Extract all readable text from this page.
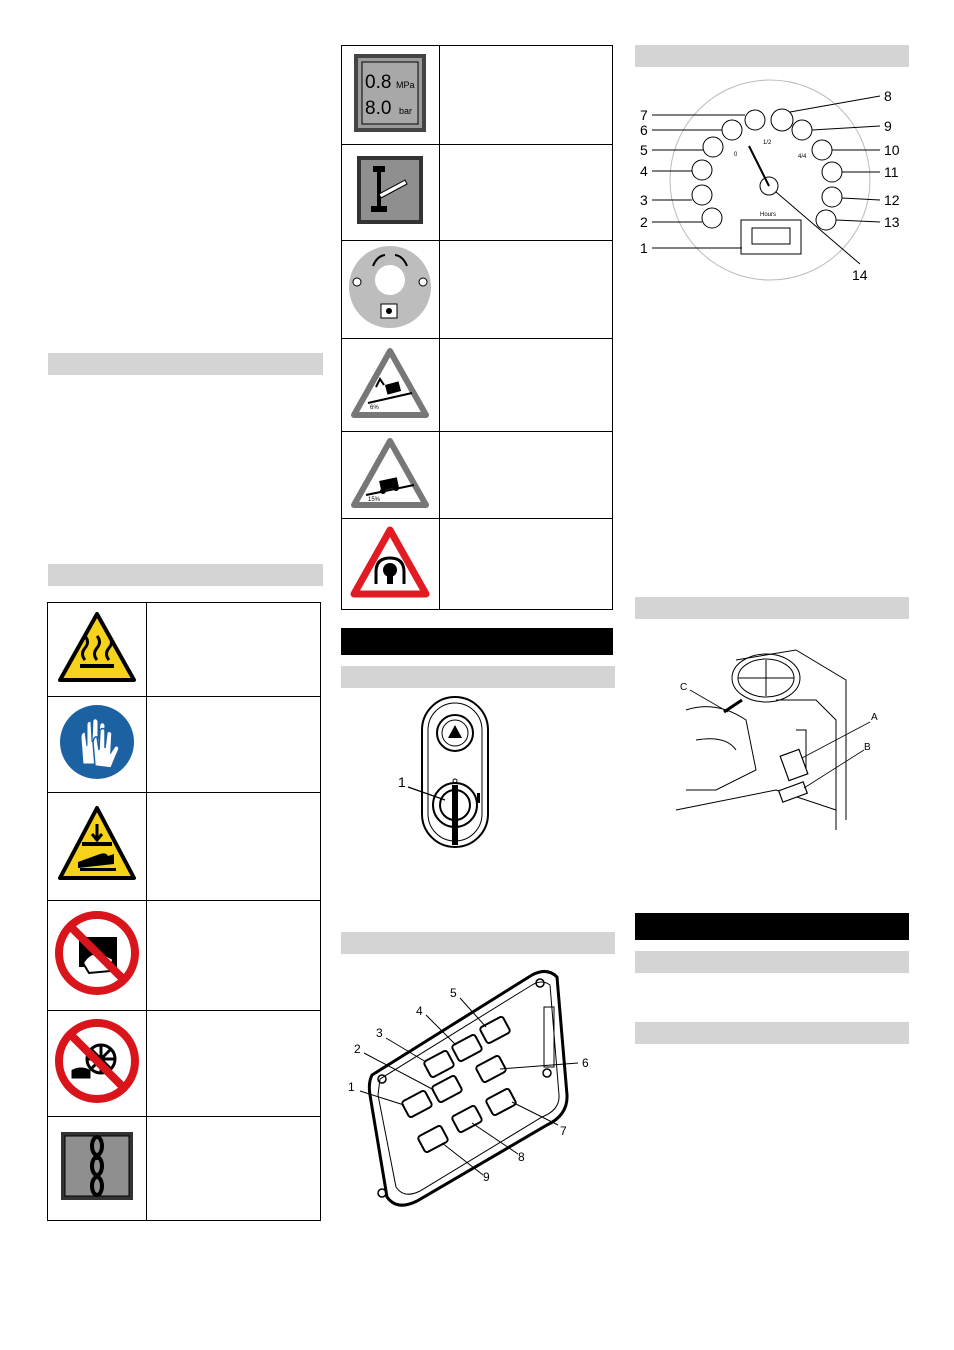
0.8 MPa
8.0 bar	

6%	

15%	

1
1
2
3
4
5
6
7
8
9
Hours
0
1/2
4/4
1
2
3
4
5
6
7
8
9
10
11
12
13
14
A
B
C
